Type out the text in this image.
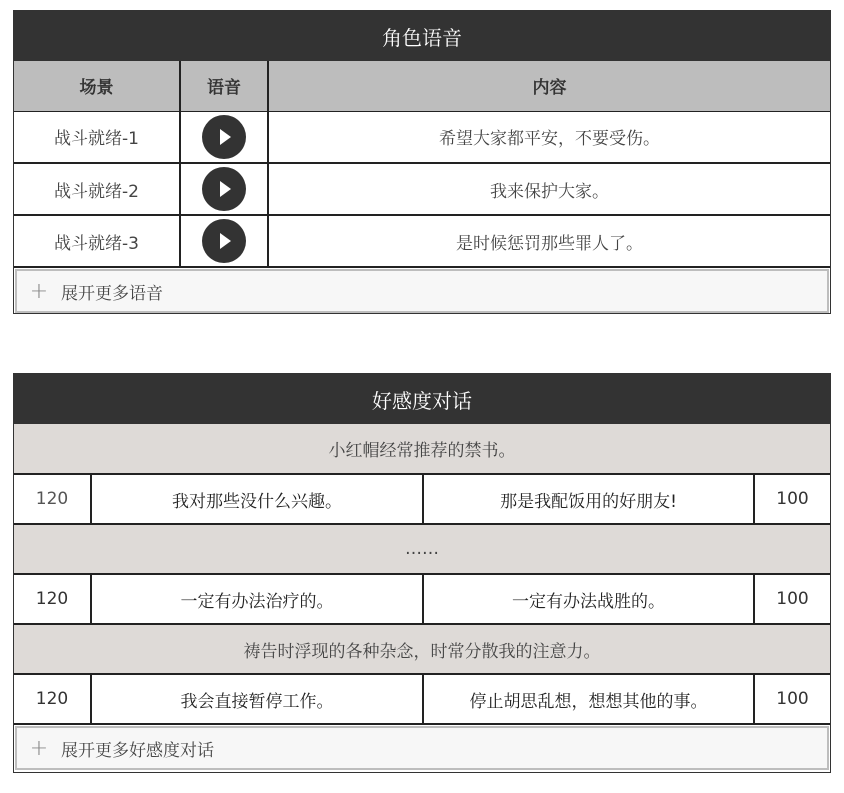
角色语音
场景	语音	内容
战斗就绪-1		希望大家都平安，不要受伤。
战斗就绪-2		我来保护大家。
战斗就绪-3		是时候惩罚那些罪人了。
+ 展开更多语音
好感度对话
小红帽经常推荐的禁书。			
120	我对那些没什么兴趣。	那是我配饭用的好朋友!	100
……			
120	一定有办法治疗的。	一定有办法战胜的。	100
祷告时浮现的各种杂念，时常分散我的注意力。			
120	我会直接暂停工作。	停止胡思乱想，想想其他的事。	100
+ 展开更多好感度对话
